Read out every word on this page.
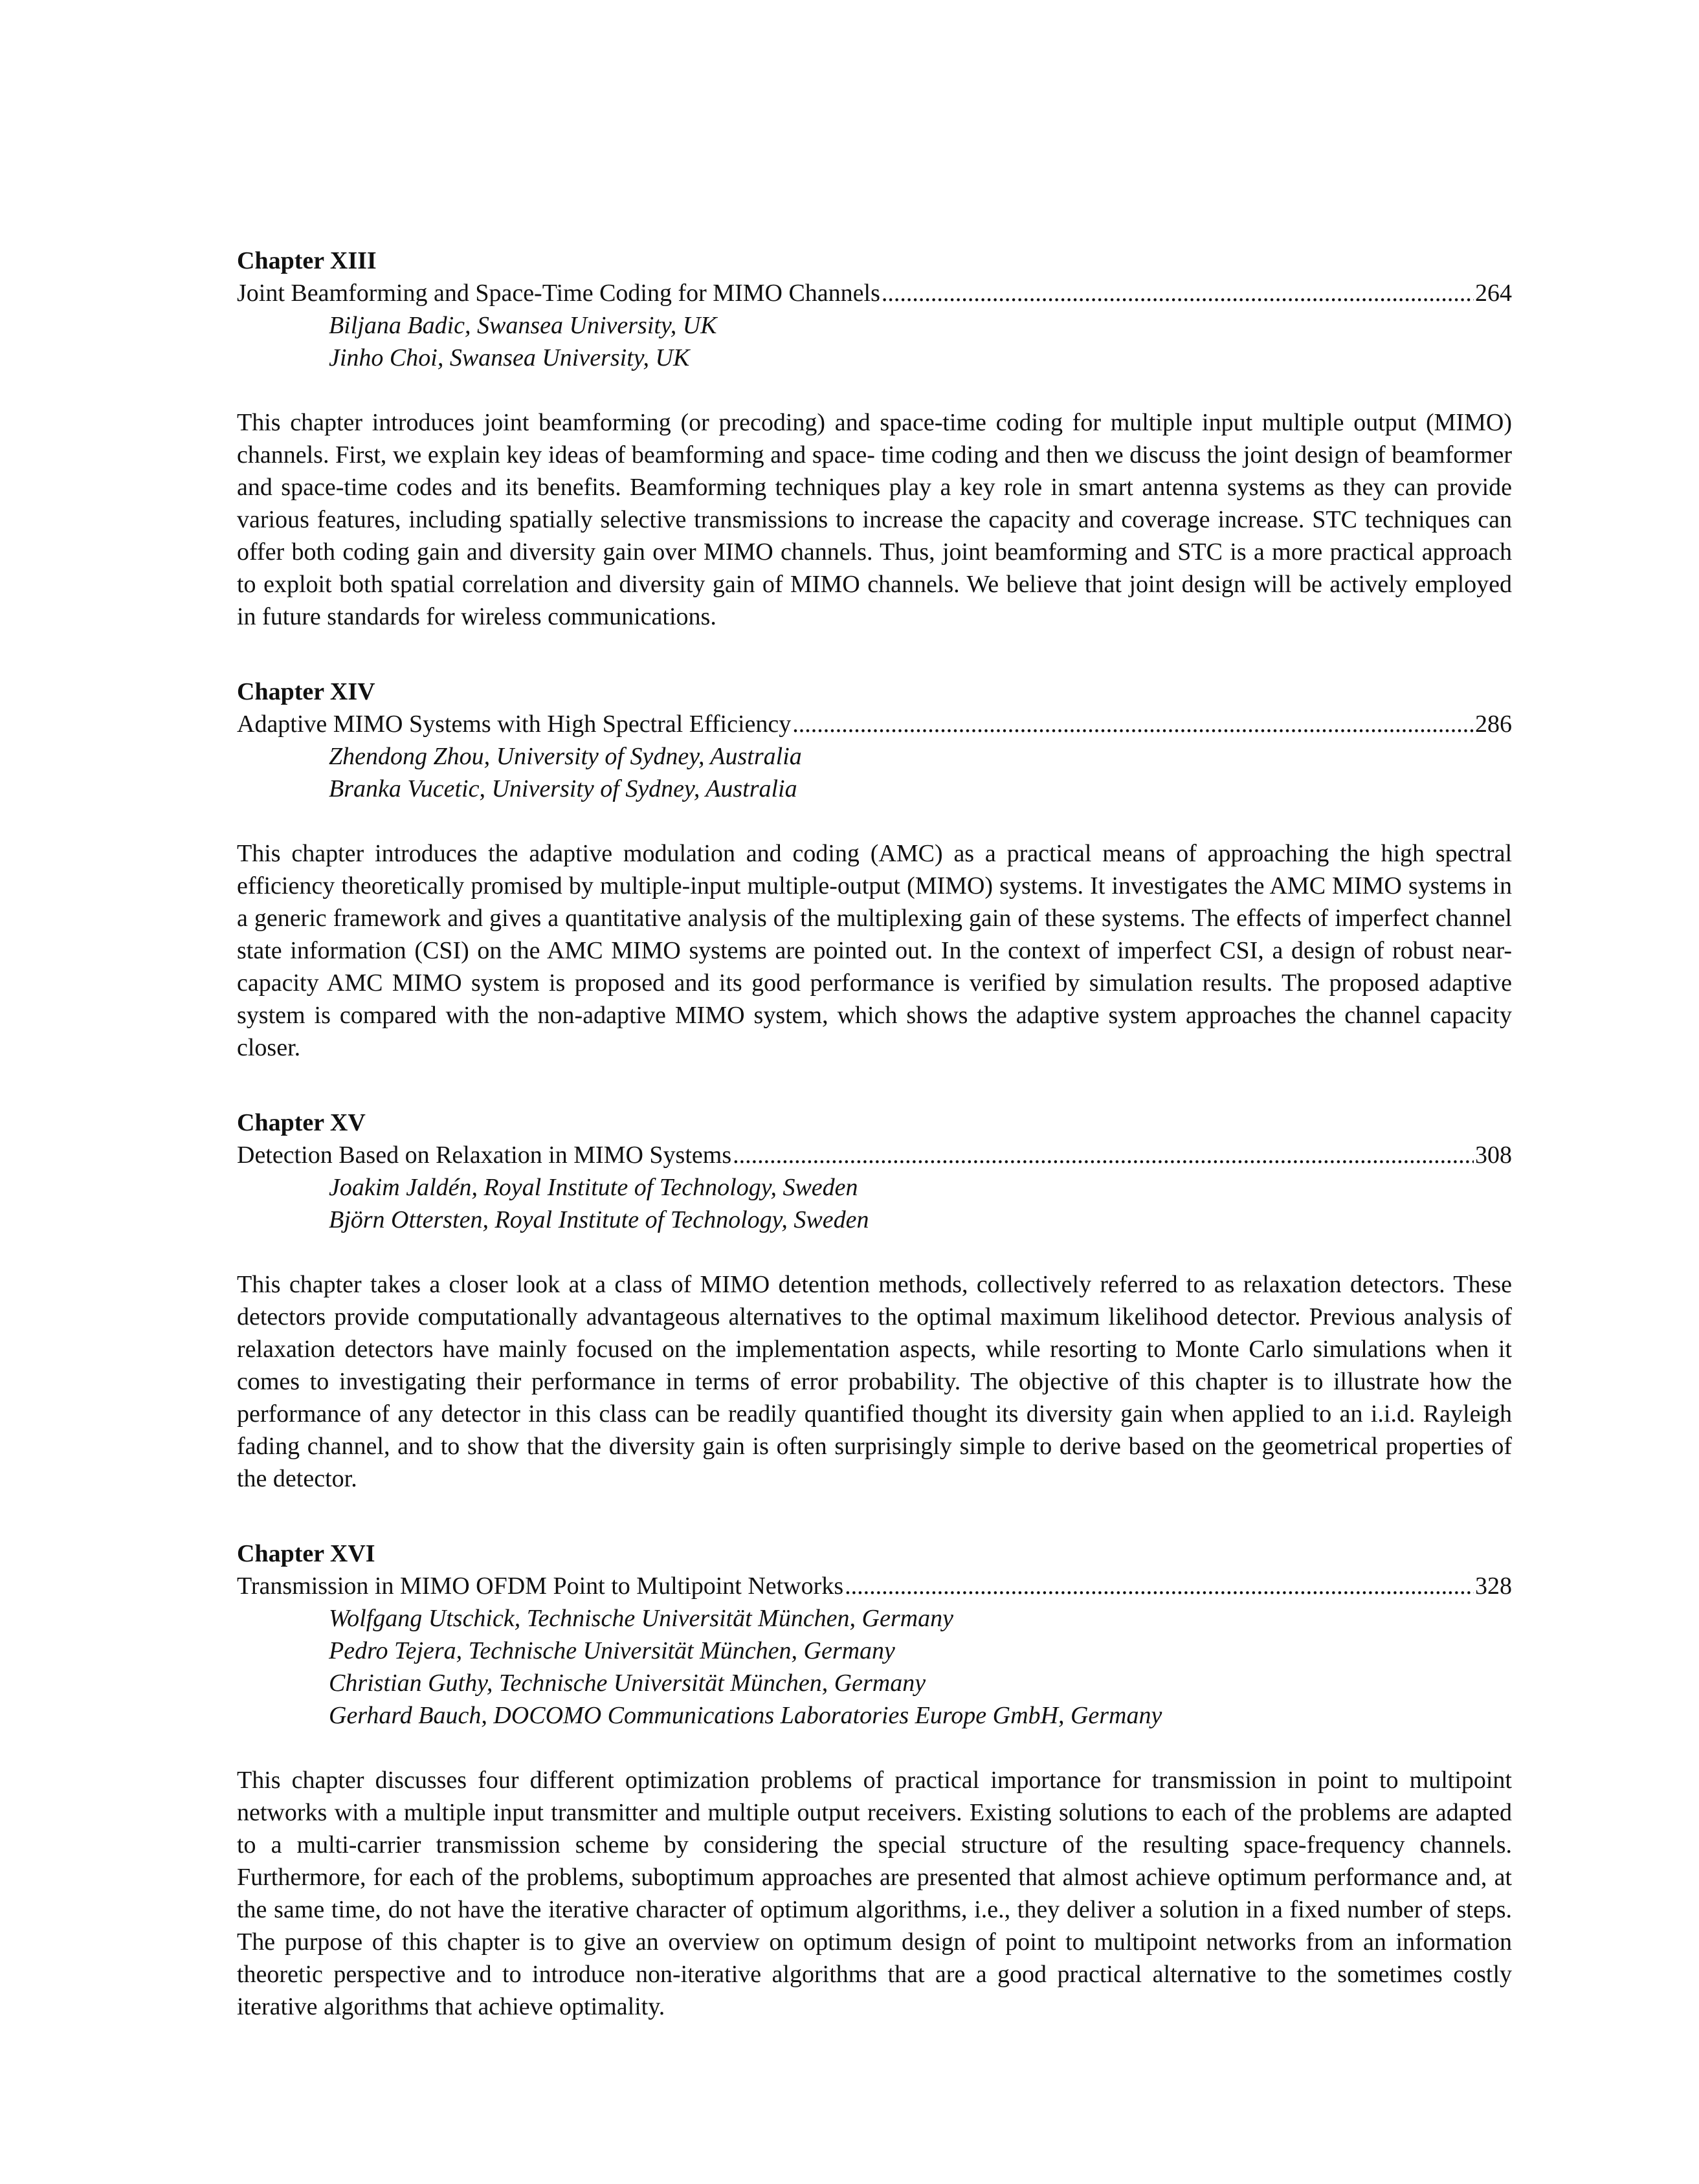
Chapter XIII
Joint Beamforming and Space-Time Coding for MIMO Channels .....	264
Biljana Badic, Swansea University, UK
Jinho Choi, Swansea University, UK

This chapter introduces joint beamforming (or precoding) and space-time coding for multiple input multiple output (MIMO) channels. First, we explain key ideas of beamforming and space- time coding and then we discuss the joint design of beamformer and space-time codes and its benefits. Beamforming techniques play a key role in smart antenna systems as they can provide various features, including spatially selective transmissions to increase the capacity and coverage increase. STC techniques can offer both coding gain and diversity gain over MIMO channels. Thus, joint beamforming and STC is a more practical approach to exploit both spatial correlation and diversity gain of MIMO channels. We believe that joint design will be actively employed in future standards for wireless communications.

Chapter XIV
Adaptive MIMO Systems with High Spectral Efficiency .....	286
Zhendong Zhou, University of Sydney, Australia
Branka Vucetic, University of Sydney, Australia

This chapter introduces the adaptive modulation and coding (AMC) as a practical means of approaching the high spectral efficiency theoretically promised by multiple-input multiple-output (MIMO) systems. It investigates the AMC MIMO systems in a generic framework and gives a quantitative analysis of the multiplexing gain of these systems. The effects of imperfect channel state information (CSI) on the AMC MIMO systems are pointed out. In the context of imperfect CSI, a design of robust near-capacity AMC MIMO system is proposed and its good performance is verified by simulation results. The proposed adaptive system is compared with the non-adaptive MIMO system, which shows the adaptive system approaches the channel capacity closer.

Chapter XV
Detection Based on Relaxation in MIMO Systems .....	308
Joakim Jaldén, Royal Institute of Technology, Sweden
Björn Ottersten, Royal Institute of Technology, Sweden

This chapter takes a closer look at a class of MIMO detention methods, collectively referred to as relaxation detectors. These detectors provide computationally advantageous alternatives to the optimal maximum likelihood detector. Previous analysis of relaxation detectors have mainly focused on the implementation aspects, while resorting to Monte Carlo simulations when it comes to investigating their performance in terms of error probability. The objective of this chapter is to illustrate how the performance of any detector in this class can be readily quantified thought its diversity gain when applied to an i.i.d. Rayleigh fading channel, and to show that the diversity gain is often surprisingly simple to derive based on the geometrical properties of the detector.

Chapter XVI
Transmission in MIMO OFDM Point to Multipoint Networks .....	328
Wolfgang Utschick, Technische Universität München, Germany
Pedro Tejera, Technische Universität München, Germany
Christian Guthy, Technische Universität München, Germany
Gerhard Bauch, DOCOMO Communications Laboratories Europe GmbH, Germany

This chapter discusses four different optimization problems of practical importance for transmission in point to multipoint networks with a multiple input transmitter and multiple output receivers. Existing solutions to each of the problems are adapted to a multi-carrier transmission scheme by considering the special structure of the resulting space-frequency channels. Furthermore, for each of the problems, suboptimum approaches are presented that almost achieve optimum performance and, at the same time, do not have the iterative character of optimum algorithms, i.e., they deliver a solution in a fixed number of steps. The purpose of this chapter is to give an overview on optimum design of point to multipoint networks from an information theoretic perspective and to introduce non-iterative algorithms that are a good practical alternative to the sometimes costly iterative algorithms that achieve optimality.
